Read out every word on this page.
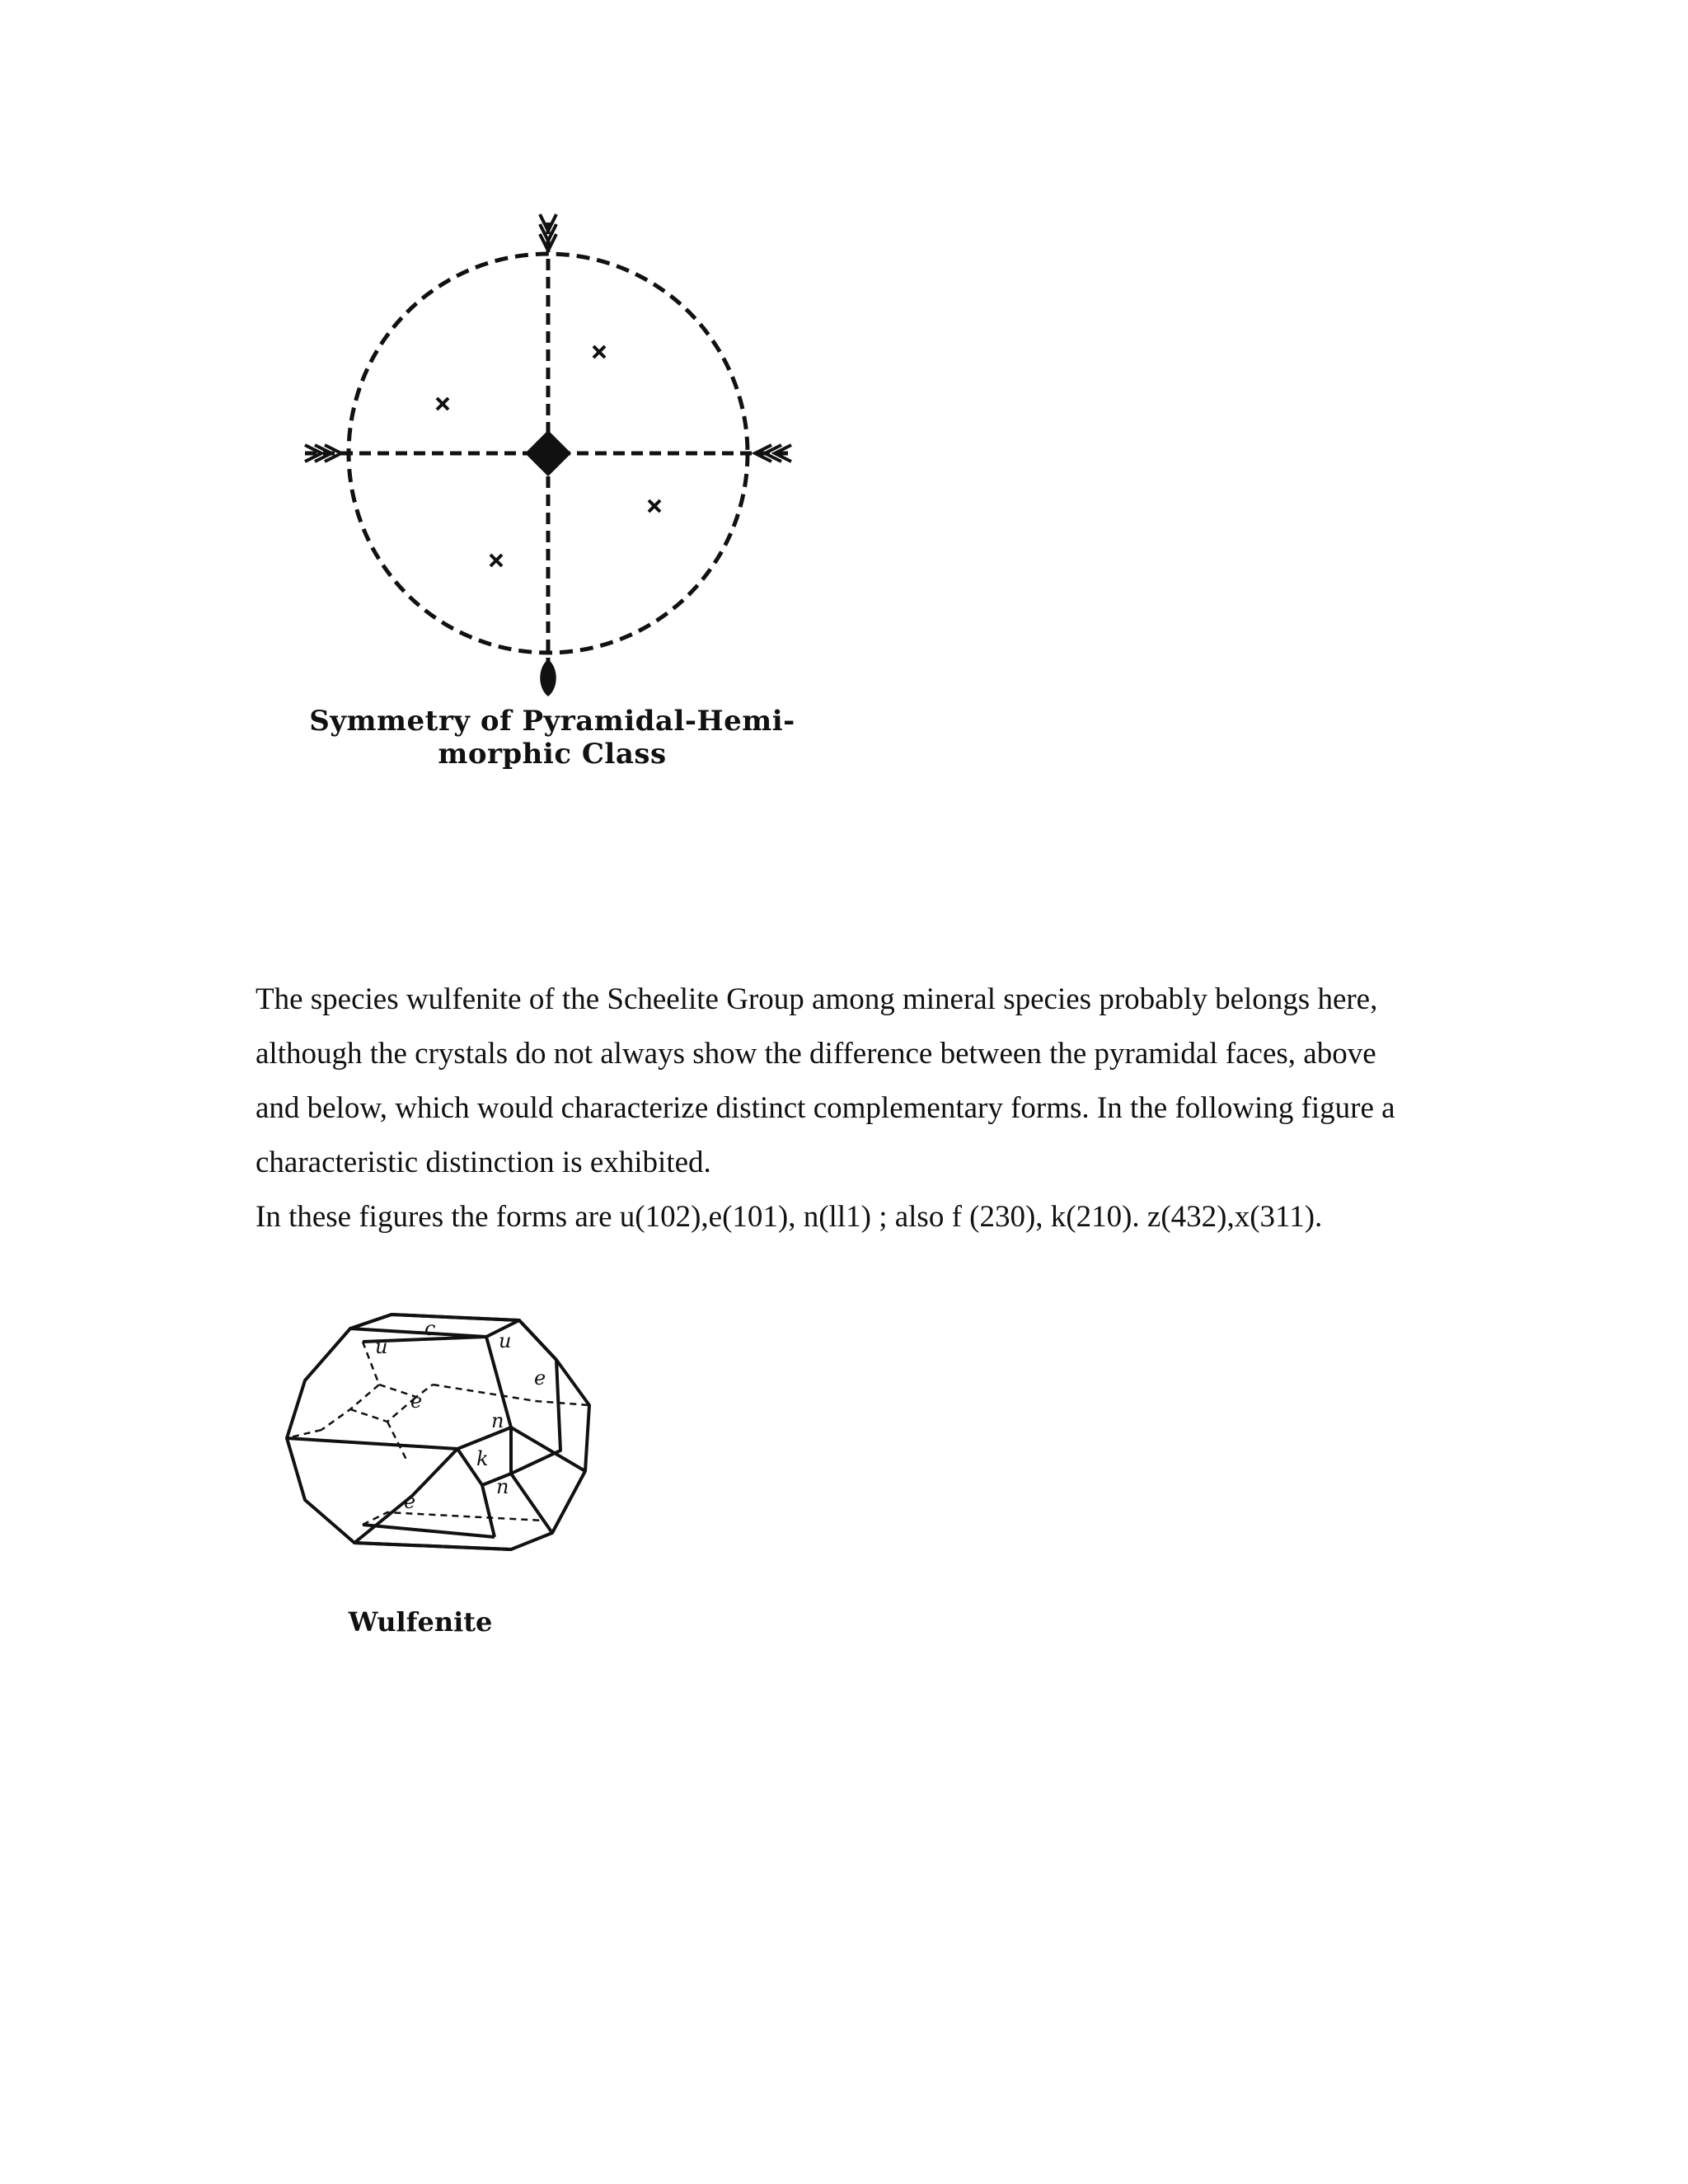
Symmetry of Pyramidal-Hemi-
morphic Class

The species wulfenite of the Scheelite Group among mineral species probably belongs here, although the crystals do not always show the difference between the pyramidal faces, above and below, which would characterize distinct complementary forms. In the following figure a characteristic distinction is exhibited.

In these figures the forms are u(102),e(101), n(ll1) ; also f (230), k(210). z(432),x(311).

c
u	u
e
e
e
n
k
n
Wulfenite
